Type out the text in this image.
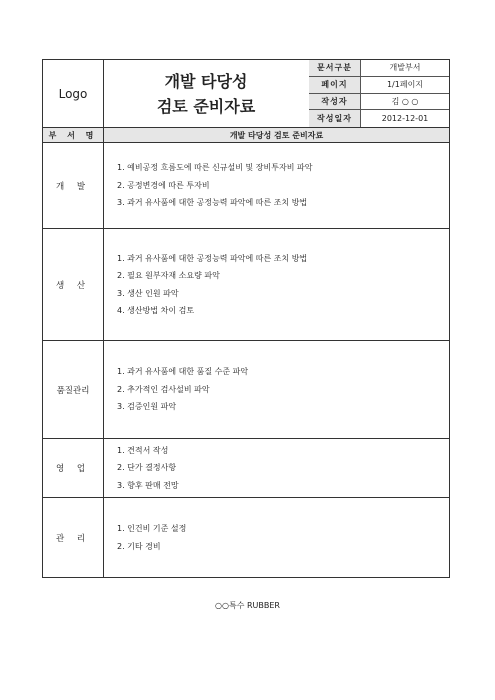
Logo
개발 타당성
검토 준비자료
문서구분	개발부서
페이지	1/1페이지
작성자	김 ○ ○
작성일자	2012-12-01
부 서 명	개발 타당성 검토 준비자료
개 발
1. 예비공정 흐름도에 따른 신규설비 및 장비투자비 파악
2. 공정변경에 따른 투자비
3. 과거 유사품에 대한 공정능력 파악에 따른 조치 방법
생 산
1. 과거 유사품에 대한 공정능력 파악에 따른 조치 방법
2. 필요 원부자재 소요량 파악
3. 생산 인원 파악
4. 생산방법 차이 검토
품질관리
1. 과거 유사품에 대한 품질 수준 파악
2. 추가적인 검사설비 파악
3. 검증인원 파악
영 업
1. 견적서 작성
2. 단가 결정사항
3. 향후 판매 전망
관 리
1. 인건비 기준 설정
2. 기타 경비
○○특수 RUBBER
